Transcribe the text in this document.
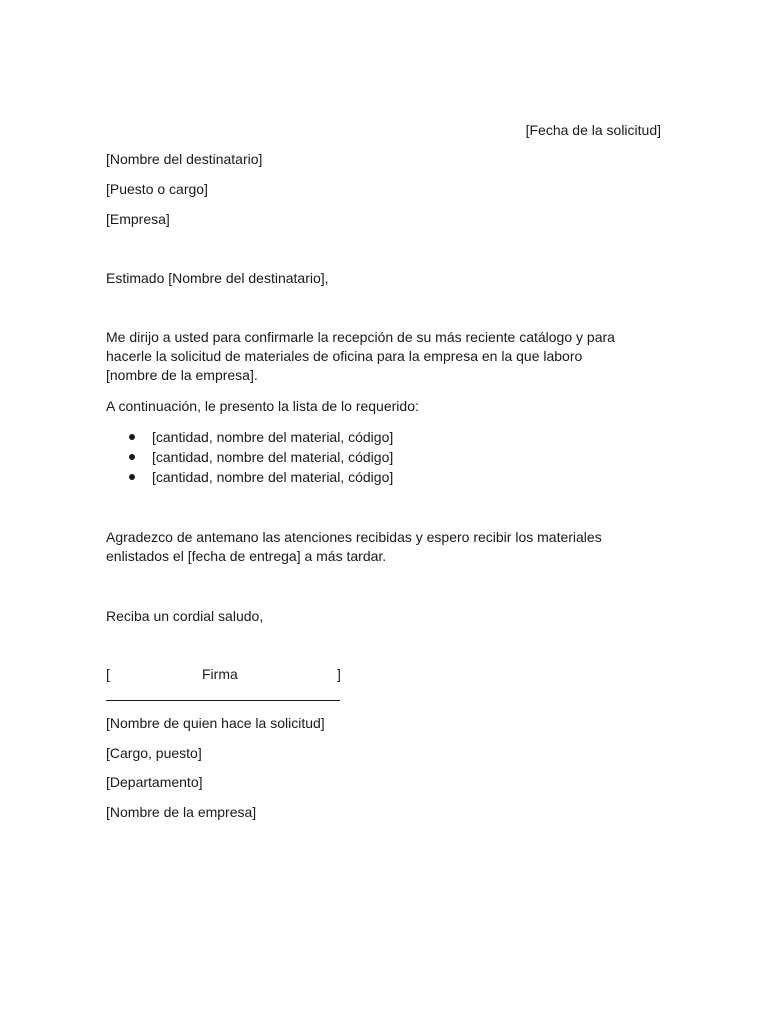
[Fecha de la solicitud]
[Nombre del destinatario]
[Puesto o cargo]
[Empresa]
Estimado [Nombre del destinatario],
Me dirijo a usted para confirmarle la recepción de su más reciente catálogo y para
hacerle la solicitud de materiales de oficina para la empresa en la que laboro
[nombre de la empresa].
A continuación, le presento la lista de lo requerido:
[cantidad, nombre del material, código]
[cantidad, nombre del material, código]
[cantidad, nombre del material, código]
Agradezco de antemano las atenciones recibidas y espero recibir los materiales
enlistados el [fecha de entrega] a más tardar.
Reciba un cordial saludo,
[	Firma	]
[Nombre de quien hace la solicitud]
[Cargo, puesto]
[Departamento]
[Nombre de la empresa]
